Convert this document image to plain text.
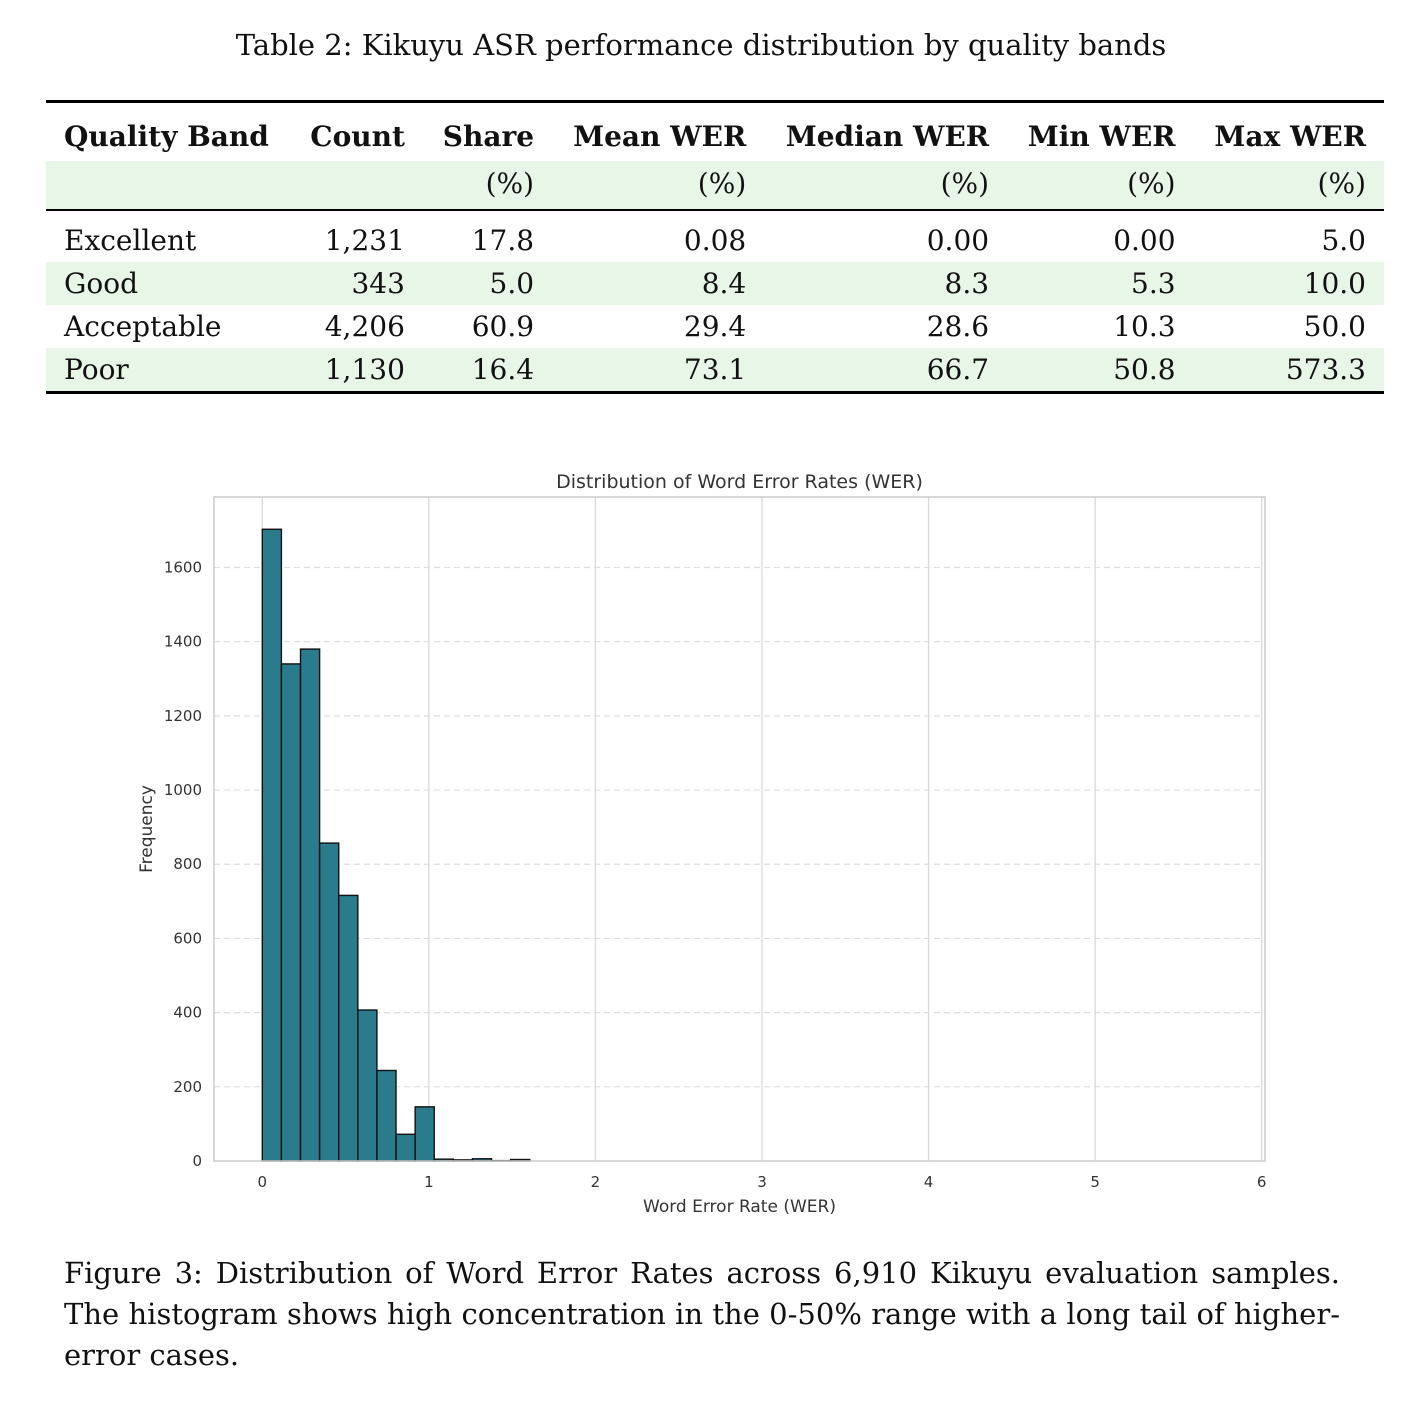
Table 2: Kikuyu ASR performance distribution by quality bands
Quality Band	Count	Share	Mean WER	Median WER	Min WER	Max WER
		(%)	(%)	(%)	(%)	(%)
Excellent	1,231	17.8	0.08	0.00	0.00	5.0
Good	343	5.0	8.4	8.3	5.3	10.0
Acceptable	4,206	60.9	29.4	28.6	10.3	50.0
Poor	1,130	16.4	73.1	66.7	50.8	573.3
0	1	2	3	4	5	6
0
200
400
600
800
1000
1200
1400
1600
Distribution of Word Error Rates (WER)
Word Error Rate (WER)
Frequency
Figure 3: Distribution of Word Error Rates across 6,910 Kikuyu evaluation samples. The histogram shows high concentration in the 0-50% range with a long tail of higher-error cases.
